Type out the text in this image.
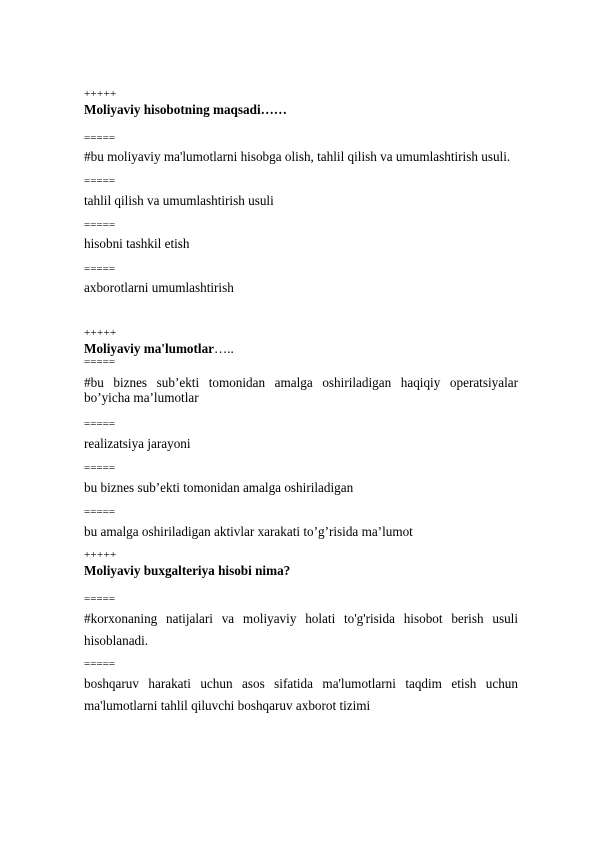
+++++
Moliyaviy hisobotning maqsadi……
=====
#bu moliyaviy ma'lumotlarni hisobga olish, tahlil qilish va umumlashtirish usuli.
=====
tahlil qilish va umumlashtirish usuli
=====
hisobni tashkil etish
=====
axborotlarni umumlashtirish
+++++
Moliyaviy ma'lumotlar…..
=====
#bu biznes sub’ekti tomonidan amalga oshiriladigan haqiqiy operatsiyalar bo’yicha ma’lumotlar
=====
realizatsiya jarayoni
=====
bu biznes sub’ekti tomonidan amalga oshiriladigan
=====
bu amalga oshiriladigan aktivlar xarakati to’g’risida ma’lumot
+++++
Moliyaviy buxgalteriya hisobi nima?
=====
#korxonaning natijalari va moliyaviy holati to'g'risida hisobot berish usuli hisoblanadi.
=====
boshqaruv harakati uchun asos sifatida ma'lumotlarni taqdim etish uchun ma'lumotlarni tahlil qiluvchi boshqaruv axborot tizimi
